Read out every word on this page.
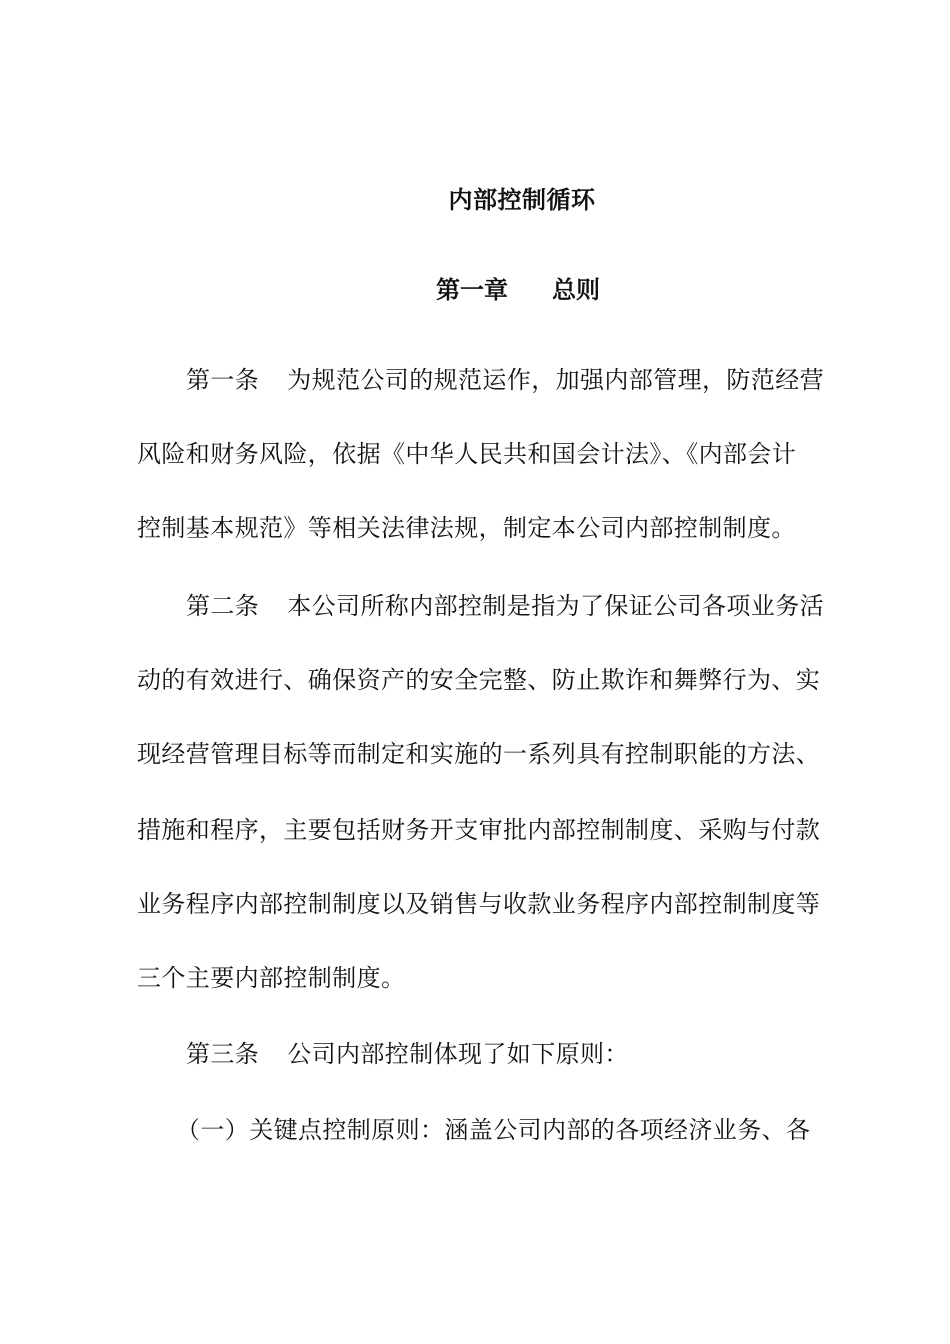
内部控制循环
第一章 总则
第一条 为规范公司的规范运作，加强内部管理，防范经营
风险和财务风险，依据《中华人民共和国会计法》、《内部会计
控制基本规范》等相关法律法规，制定本公司内部控制制度。
第二条 本公司所称内部控制是指为了保证公司各项业务活
动的有效进行、确保资产的安全完整、防止欺诈和舞弊行为、实
现经营管理目标等而制定和实施的一系列具有控制职能的方法、
措施和程序，主要包括财务开支审批内部控制制度、采购与付款
业务程序内部控制制度以及销售与收款业务程序内部控制制度等
三个主要内部控制制度。
第三条 公司内部控制体现了如下原则：
（一）关键点控制原则：涵盖公司内部的各项经济业务、各
